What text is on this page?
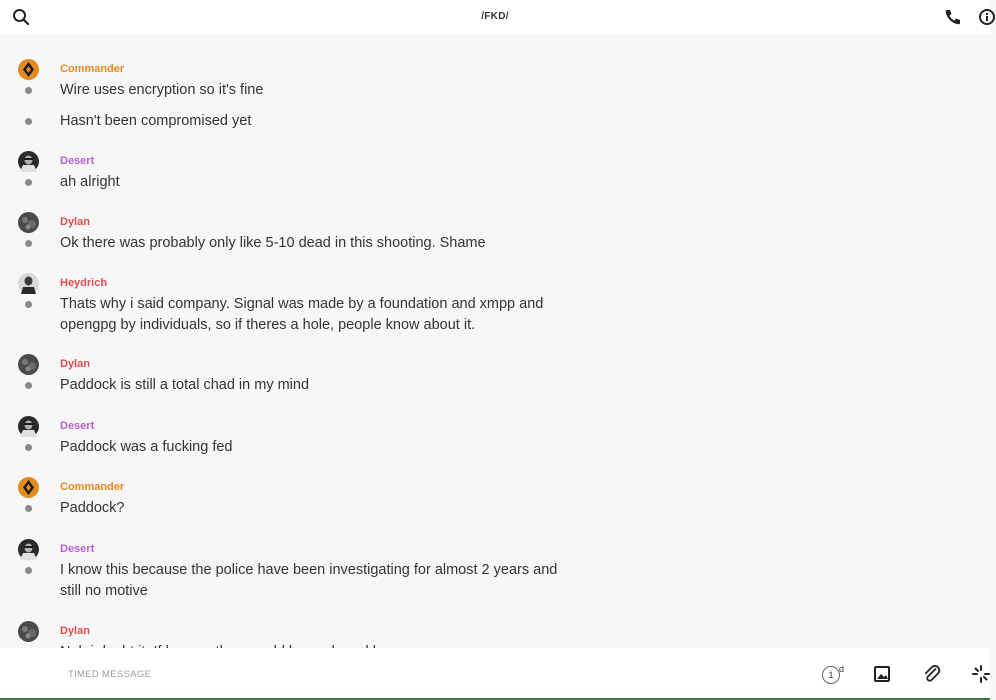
/FKD/
Commander
Wire uses encryption so it's fine
Hasn't been compromised yet
Desert
ah alright
Dylan
Ok there was probably only like 5-10 dead in this shooting. Shame
Heydrich
Thats why i said company. Signal was made by a foundation and xmpp and opengpg by individuals, so if theres a hole, people know about it.
Dylan
Paddock is still a total chad in my mind
Desert
Paddock was a fucking fed
Commander
Paddock?
Desert
I know this because the police have been investigating for almost 2 years and still no motive
Dylan
TIMED MESSAGE	1
d
